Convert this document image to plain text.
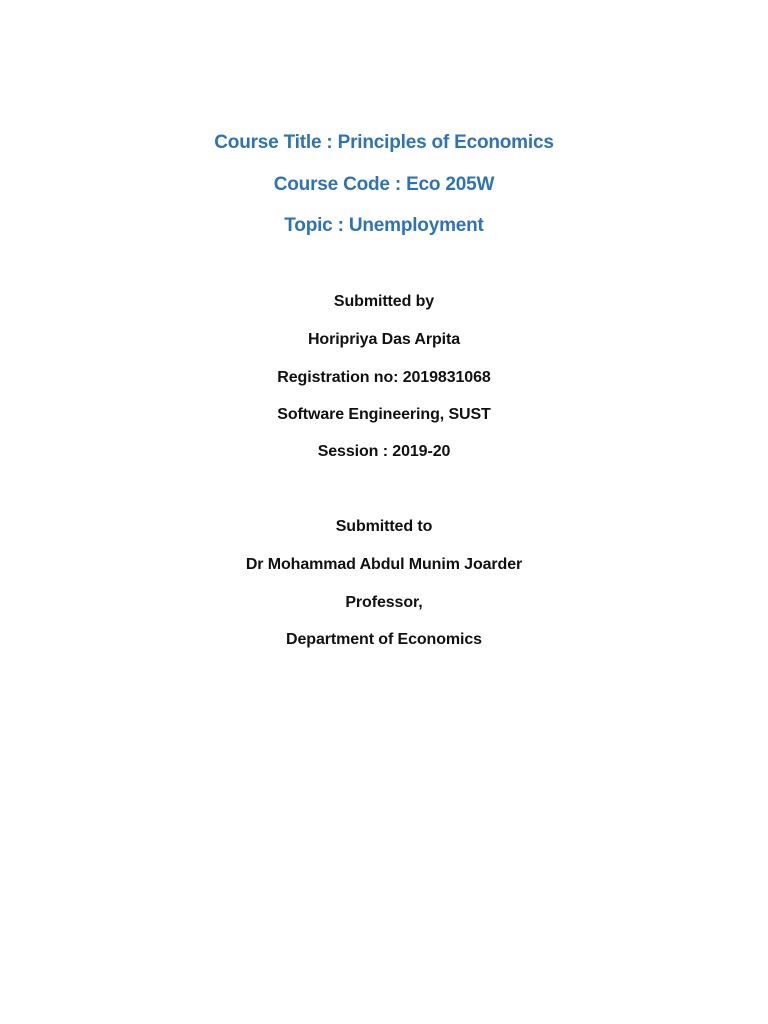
Course Title : Principles of Economics
Course Code : Eco 205W
Topic : Unemployment
Submitted by
Horipriya Das Arpita
Registration no: 2019831068
Software Engineering, SUST
Session : 2019-20
Submitted to
Dr Mohammad Abdul Munim Joarder
Professor,
Department of Economics
